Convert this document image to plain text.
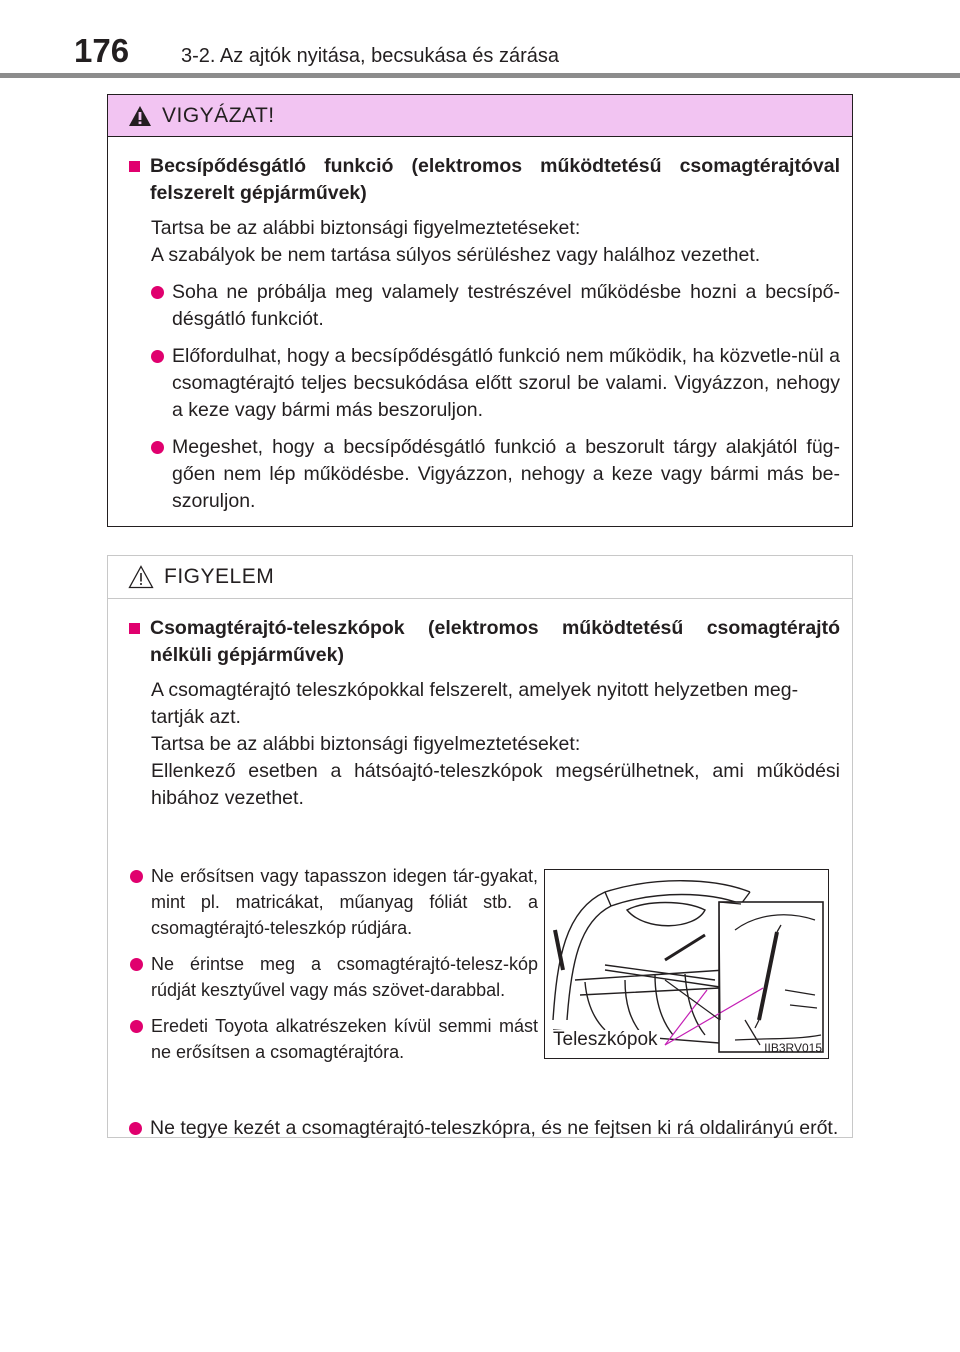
176	3-2. Az ajtók nyitása, becsukása és zárása
VIGYÁZAT!
Becsípődésgátló funkció (elektromos működtetésű csomagtérajtóval felszerelt gépjárművek)
Tartsa be az alábbi biztonsági figyelmeztetéseket:
A szabályok be nem tartása súlyos sérüléshez vagy halálhoz vezethet.
Soha ne próbálja meg valamely testrészével működésbe hozni a becsípő-désgátló funkciót.
Előfordulhat, hogy a becsípődésgátló funkció nem működik, ha közvetle-nül a csomagtérajtó teljes becsukódása előtt szorul be valami. Vigyázzon, nehogy a keze vagy bármi más beszoruljon.
Megeshet, hogy a becsípődésgátló funkció a beszorult tárgy alakjától füg-gően nem lép működésbe. Vigyázzon, nehogy a keze vagy bármi más be-szoruljon.
FIGYELEM
Csomagtérajtó-teleszkópok (elektromos működtetésű csomagtérajtó nélküli gépjárművek)
A csomagtérajtó teleszkópokkal felszerelt, amelyek nyitott helyzetben meg-tartják azt.
Tartsa be az alábbi biztonsági figyelmeztetéseket:
Ellenkező esetben a hátsóajtó-teleszkópok megsérülhetnek, ami működési hibához vezethet.
Ne erősítsen vagy tapasszon idegen tár-gyakat, mint pl. matricákat, műanyag fóliát stb. a csomagtérajtó-teleszkóp rúdjára.
Ne érintse meg a csomagtérajtó-telesz-kóp rúdját kesztyűvel vagy más szövet-darabbal.
Eredeti Toyota alkatrészeken kívül semmi mást ne erősítsen a csomagtérajtóra.
Teleszkópok	IIB3RV015
Ne tegye kezét a csomagtérajtó-teleszkópra, és ne fejtsen ki rá oldalirányú erőt.
